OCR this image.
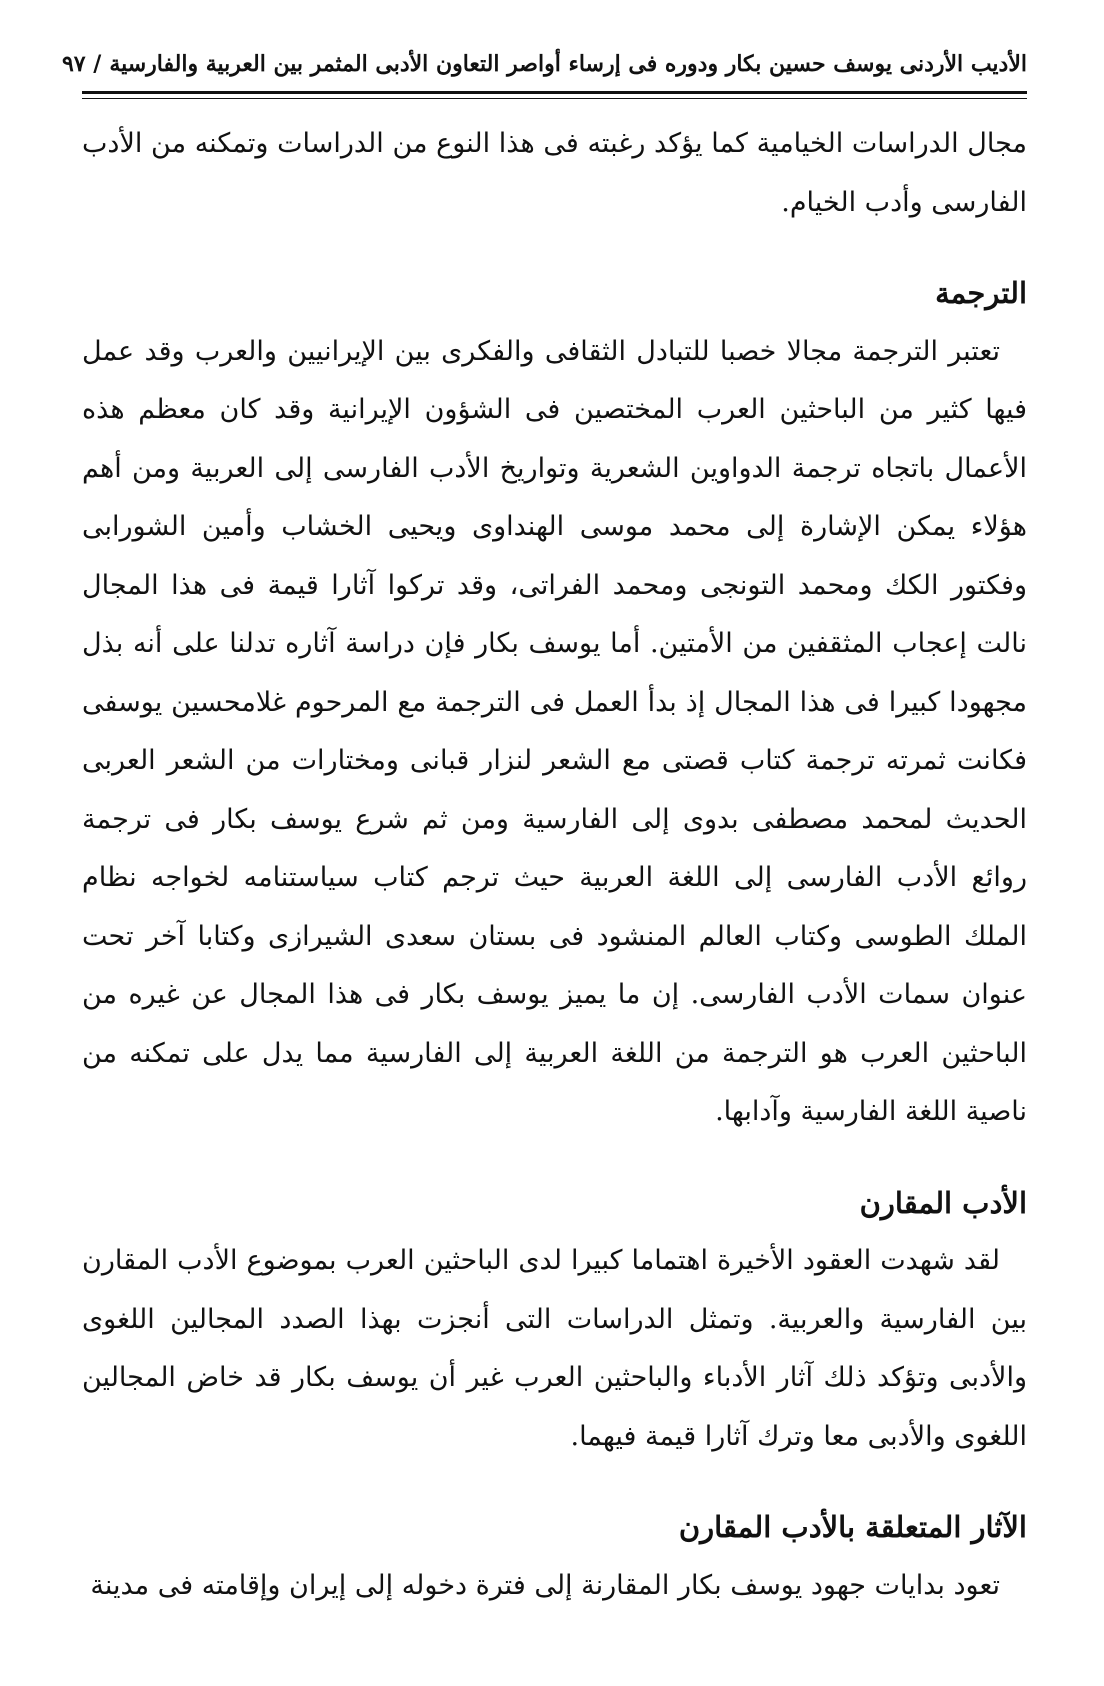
الأديب الأردنى يوسف حسين بكار ودوره فى إرساء أواصر التعاون الأدبى المثمر بين العربية والفارسية
/ ٩٧

مجال الدراسات الخيامية كما يؤكد رغبته فى هذا النوع من الدراسات وتمكنه من الأدب الفارسى وأدب الخيام.

الترجمة

تعتبر الترجمة مجالا خصبا للتبادل الثقافى والفكرى بين الإيرانيين والعرب وقد عمل فيها كثير من الباحثين العرب المختصين فى الشؤون الإيرانية وقد كان معظم هذه الأعمال باتجاه ترجمة الدواوين الشعرية وتواريخ الأدب الفارسى إلى العربية ومن أهم هؤلاء يمكن الإشارة إلى محمد موسى الهنداوى ويحيى الخشاب وأمين الشورابى وفكتور الكك ومحمد التونجى ومحمد الفراتى، وقد تركوا آثارا قيمة فى هذا المجال نالت إعجاب المثقفين من الأمتين. أما يوسف بكار فإن دراسة آثاره تدلنا على أنه بذل مجهودا كبيرا فى هذا المجال إذ بدأ العمل فى الترجمة مع المرحوم غلامحسين يوسفى فكانت ثمرته ترجمة كتاب قصتى مع الشعر لنزار قبانى ومختارات من الشعر العربى الحديث لمحمد مصطفى بدوى إلى الفارسية ومن ثم شرع يوسف بكار فى ترجمة روائع الأدب الفارسى إلى اللغة العربية حيث ترجم كتاب سياستنامه لخواجه نظام الملك الطوسى وكتاب العالم المنشود فى بستان سعدى الشيرازى وكتابا آخر تحت عنوان سمات الأدب الفارسى. إن ما يميز يوسف بكار فى هذا المجال عن غيره من الباحثين العرب هو الترجمة من اللغة العربية إلى الفارسية مما يدل على تمكنه من ناصية اللغة الفارسية وآدابها.

الأدب المقارن

لقد شهدت العقود الأخيرة اهتماما كبيرا لدى الباحثين العرب بموضوع الأدب المقارن بين الفارسية والعربية. وتمثل الدراسات التى أنجزت بهذا الصدد المجالين اللغوى والأدبى وتؤكد ذلك آثار الأدباء والباحثين العرب غير أن يوسف بكار قد خاض المجالين اللغوى والأدبى معا وترك آثارا قيمة فيهما.

الآثار المتعلقة بالأدب المقارن

تعود بدايات جهود يوسف بكار المقارنة إلى فترة دخوله إلى إيران وإقامته فى مدينة
